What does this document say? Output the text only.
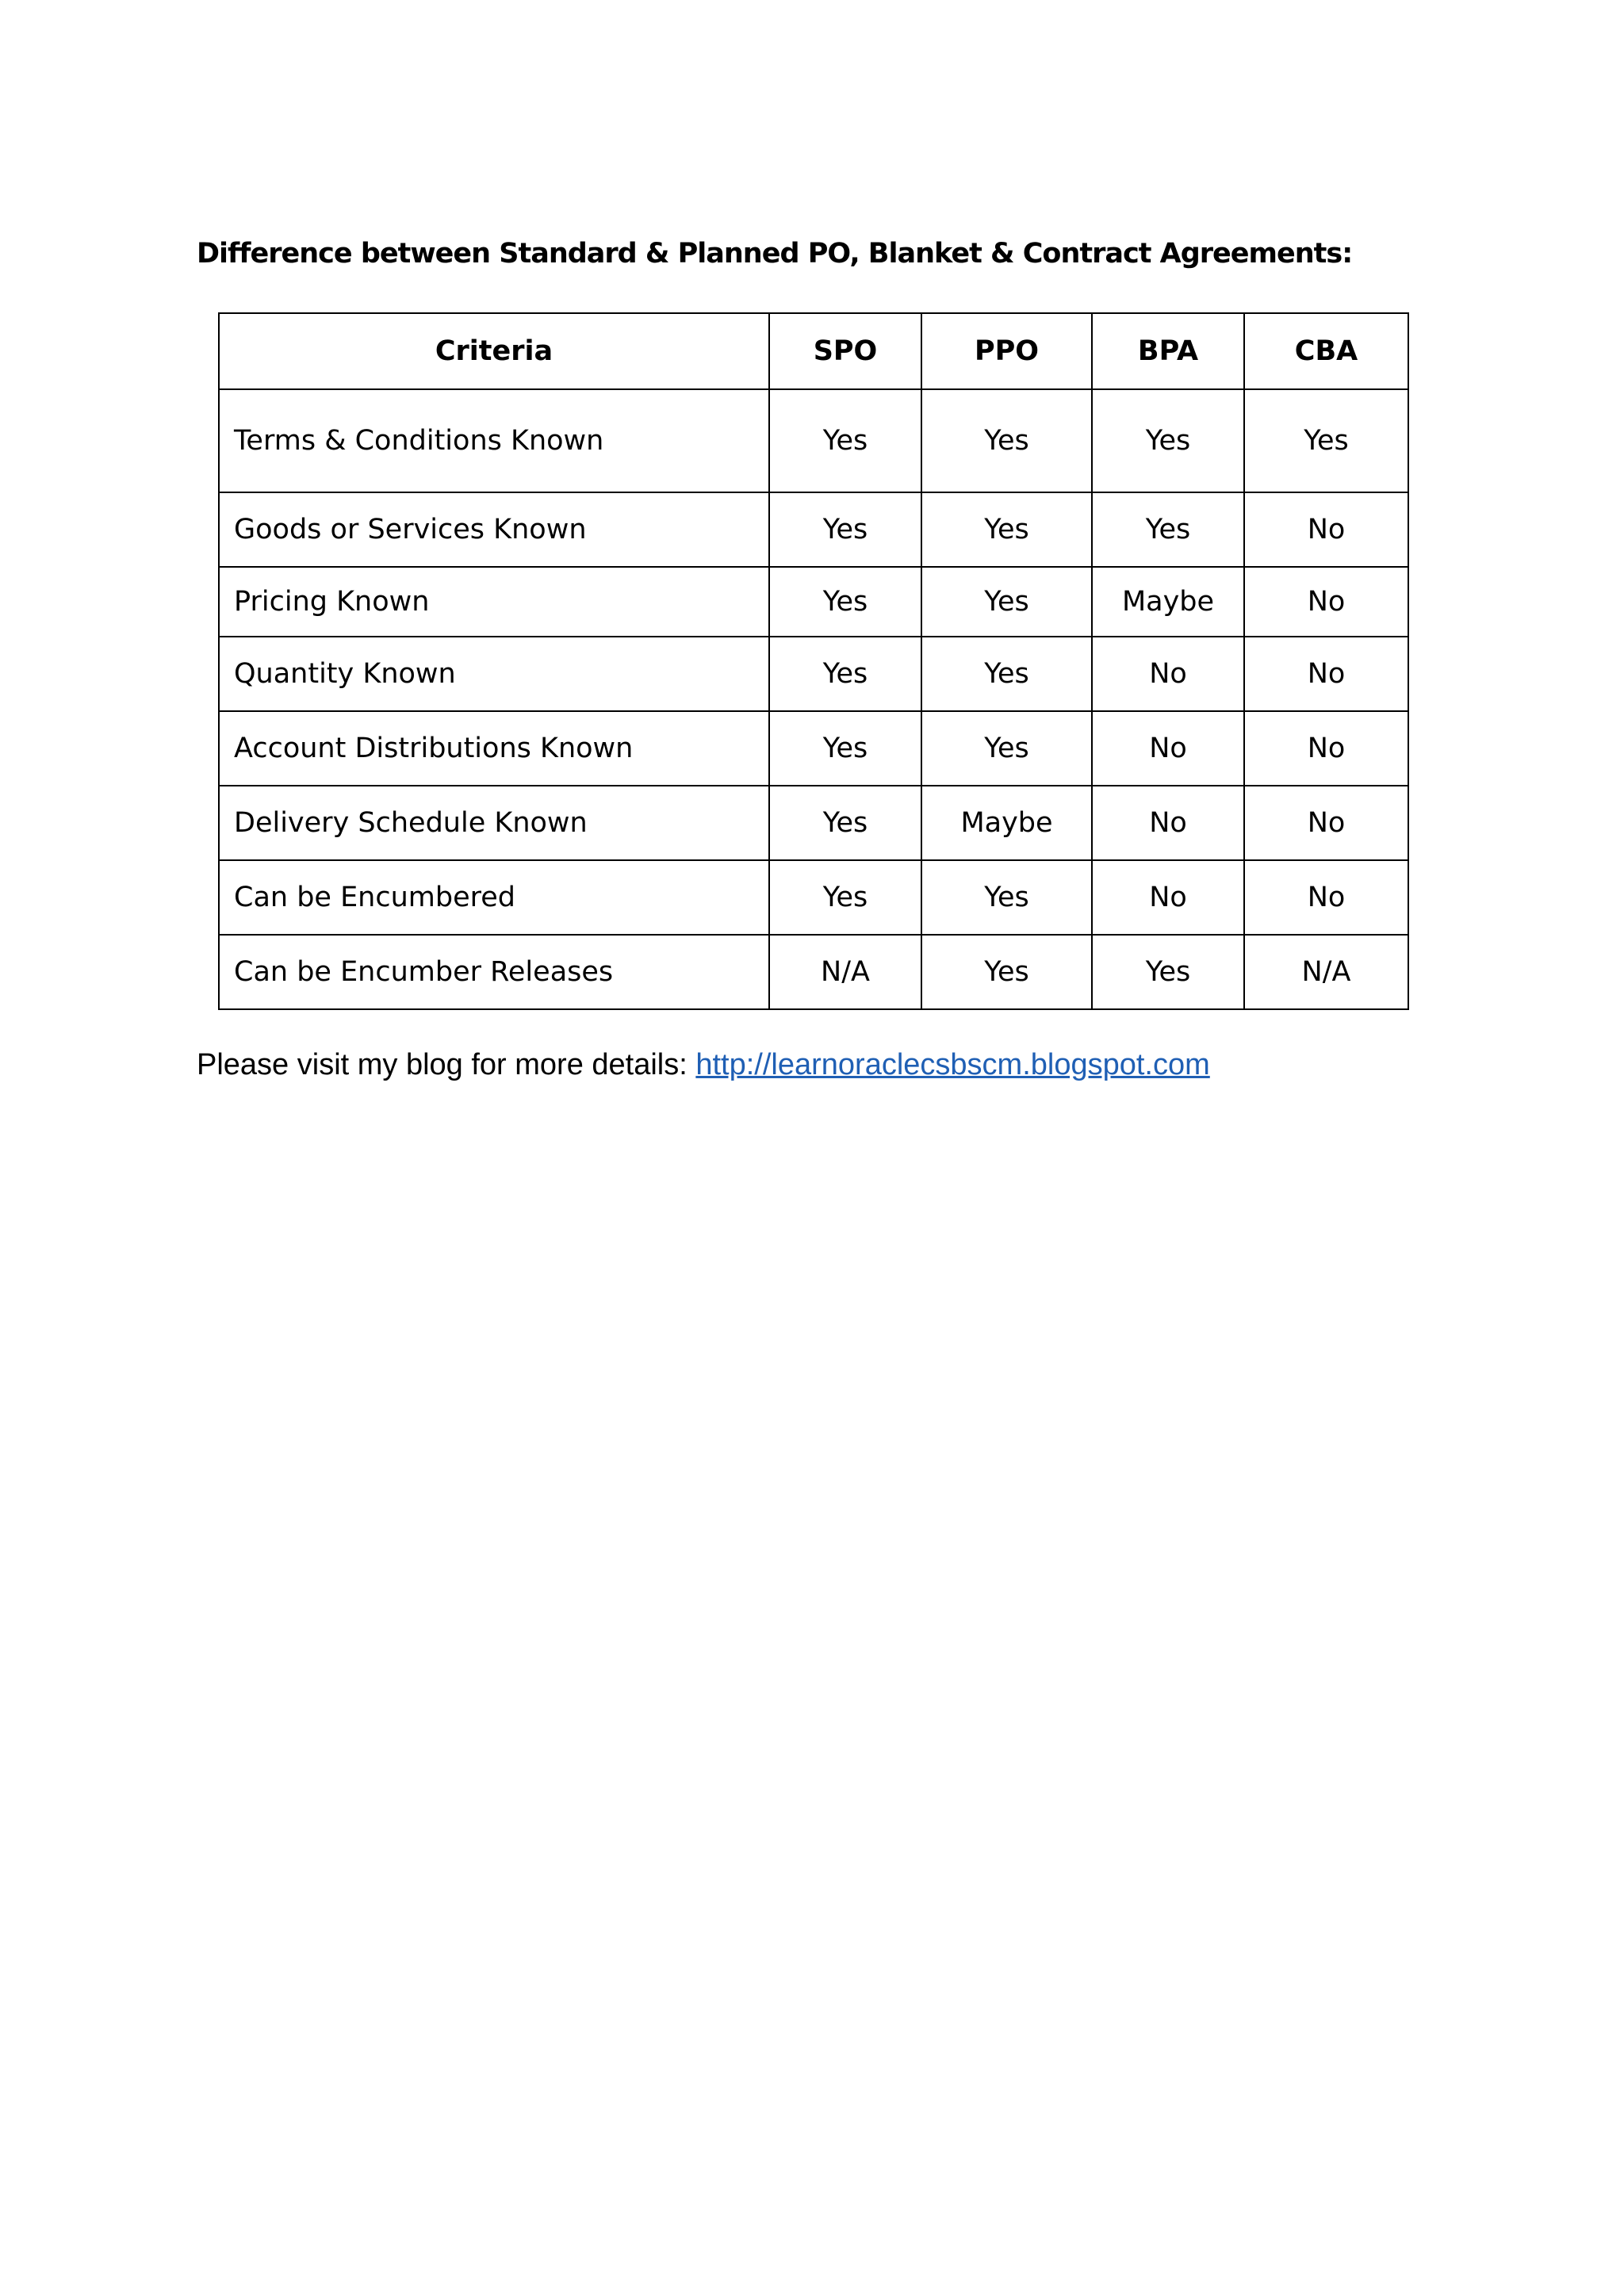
Difference between Standard & Planned PO, Blanket & Contract Agreements:
Criteria	SPO	PPO	BPA	CBA
Terms & Conditions Known	Yes	Yes	Yes	Yes
Goods or Services Known	Yes	Yes	Yes	No
Pricing Known	Yes	Yes	Maybe	No
Quantity Known	Yes	Yes	No	No
Account Distributions Known	Yes	Yes	No	No
Delivery Schedule Known	Yes	Maybe	No	No
Can be Encumbered	Yes	Yes	No	No
Can be Encumber Releases	N/A	Yes	Yes	N/A
Please visit my blog for more details: http://learnoraclecsbscm.blogspot.com
